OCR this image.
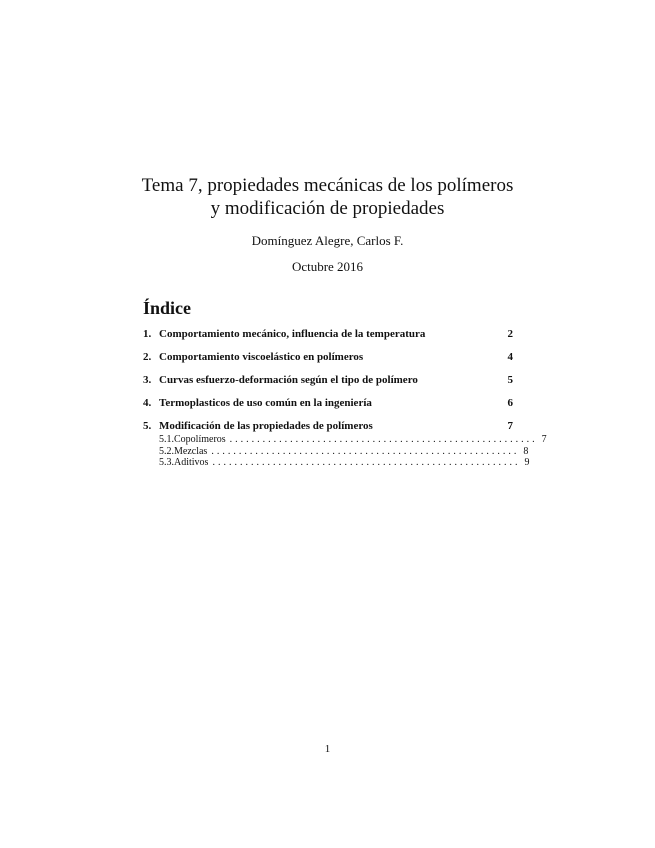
Tema 7, propiedades mecánicas de los polímeros
y modificación de propiedades
Domínguez Alegre, Carlos F.
Octubre 2016
Índice
1. Comportamiento mecánico, influencia de la temperatura	2
2. Comportamiento viscoelástico en polímeros	4
3. Curvas esfuerzo-deformación según el tipo de polímero	5
4. Termoplasticos de uso común en la ingeniería	6
5. Modificación de las propiedades de polímeros	7
5.1. Copolímeros ........................................................ 7
5.2. Mezclas ........................................................ 8
5.3. Aditivos ........................................................ 9
1
